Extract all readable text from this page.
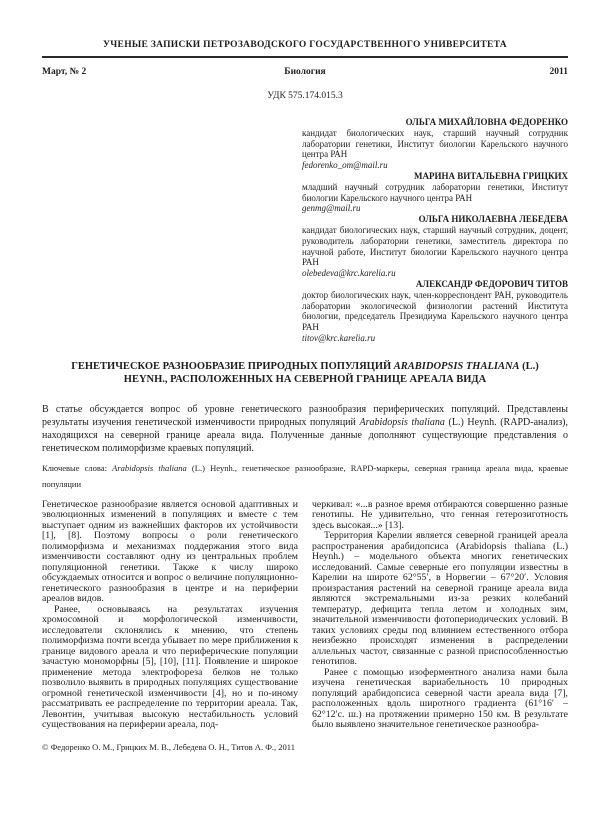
УЧЕНЫЕ ЗАПИСКИ ПЕТРОЗАВОДСКОГО ГОСУДАРСТВЕННОГО УНИВЕРСИТЕТА
Март, № 2	Биология	2011
УДК 575.174.015.3
ОЛЬГА МИХАЙЛОВНА ФЕДОРЕНКО
кандидат биологических наук, старший научный сотрудник лаборатории генетики, Институт биологии Карельского научного центра РАН
fedorenko_om@mail.ru
МАРИНА ВИТАЛЬЕВНА ГРИЦКИХ
младший научный сотрудник лаборатории генетики, Институт биологии Карельского научного центра РАН
genmg@mail.ru
ОЛЬГА НИКОЛАЕВНА ЛЕБЕДЕВА
кандидат биологических наук, старший научный сотрудник, доцент, руководитель лаборатории генетики, заместитель директора по научной работе, Институт биологии Карельского научного центра РАН
olebedeva@krc.karelia.ru
АЛЕКСАНДР ФЕДОРОВИЧ ТИТОВ
доктор биологических наук, член-корреспондент РАН, руководитель лаборатории экологической физиологии растений Института биологии, председатель Президиума Карельского научного центра РАН
titov@krc.karelia.ru
ГЕНЕТИЧЕСКОЕ РАЗНООБРАЗИЕ ПРИРОДНЫХ ПОПУЛЯЦИЙ ARABIDOPSIS THALIANA (L.) HEYNH., РАСПОЛОЖЕННЫХ НА СЕВЕРНОЙ ГРАНИЦЕ АРЕАЛА ВИДА

В статье обсуждается вопрос об уровне генетического разнообразия периферических популяций. Представлены результаты изучения генетической изменчивости природных популяций Arabidopsis thaliana (L.) Heynh. (RAPD-анализ), находящихся на северной границе ареала вида. Полученные данные дополняют существующие представления о генетическом полиморфизме краевых популяций.

Ключевые слова: Arabidopsis thaliana (L.) Heynh., генетическое разнообразие, RAPD-маркеры, северная граница ареала вида, краевые популяции

Генетическое разнообразие является основой адаптивных и эволюционных изменений в популяциях и вместе с тем выступает одним из важнейших факторов их устойчивости [1], [8]. Поэтому вопросы о роли генетического полиморфизма и механизмах поддержания этого вида изменчивости составляют одну из центральных проблем популяционной генетики. Также к числу широко обсуждаемых относится и вопрос о величине популяционно-генетического разнообразия в центре и на периферии ареалов видов.

Ранее, основываясь на результатах изучения хромосомной и морфологической изменчивости, исследователи склонялись к мнению, что степень полиморфизма почти всегда убывает по мере приближения к границе видового ареала и что периферические популяции зачастую мономорфны [5], [10], [11]. Появление и широкое применение метода электрофореза белков не только позволило выявить в природных популяциях существование огромной генетической изменчивости [4], но и по-иному рассматривать ее распределение по территории ареала. Так, Левонтин, учитывая высокую нестабильность условий существования на периферии ареала, под-

черкивал: «...в разное время отбираются совершенно разные генотипы. Не удивительно, что генная гетерозиготность здесь высокая...» [13].

Территория Карелии является северной границей ареала распространения арабидопсиса (Arabidopsis thaliana (L.) Heynh.) – модельного объекта многих генетических исследований. Самые северные его популяции известны в Карелии на широте 62°55′, в Норвегии – 67°20′. Условия произрастания растений на северной границе ареала вида являются экстремальными из-за резких колебаний температур, дефицита тепла летом и холодных зим, значительной изменчивости фотопериодических условий. В таких условиях среды под влиянием естественного отбора неизбежно происходят изменения в распределении аллельных частот, связанные с разной приспособленностью генотипов.

Ранее с помощью изоферментного анализа нами была изучена генетическая вариабельность 10 природных популяций арабидопсиса северной части ареала вида [7], расположенных вдоль широтного градиента (61°16′ – 62°12′с. ш.) на протяжении примерно 150 км. В результате было выявлено значительное генетическое разнообра-

© Федоренко О. М., Грицких М. В., Лебедева О. Н., Титов А. Ф., 2011
